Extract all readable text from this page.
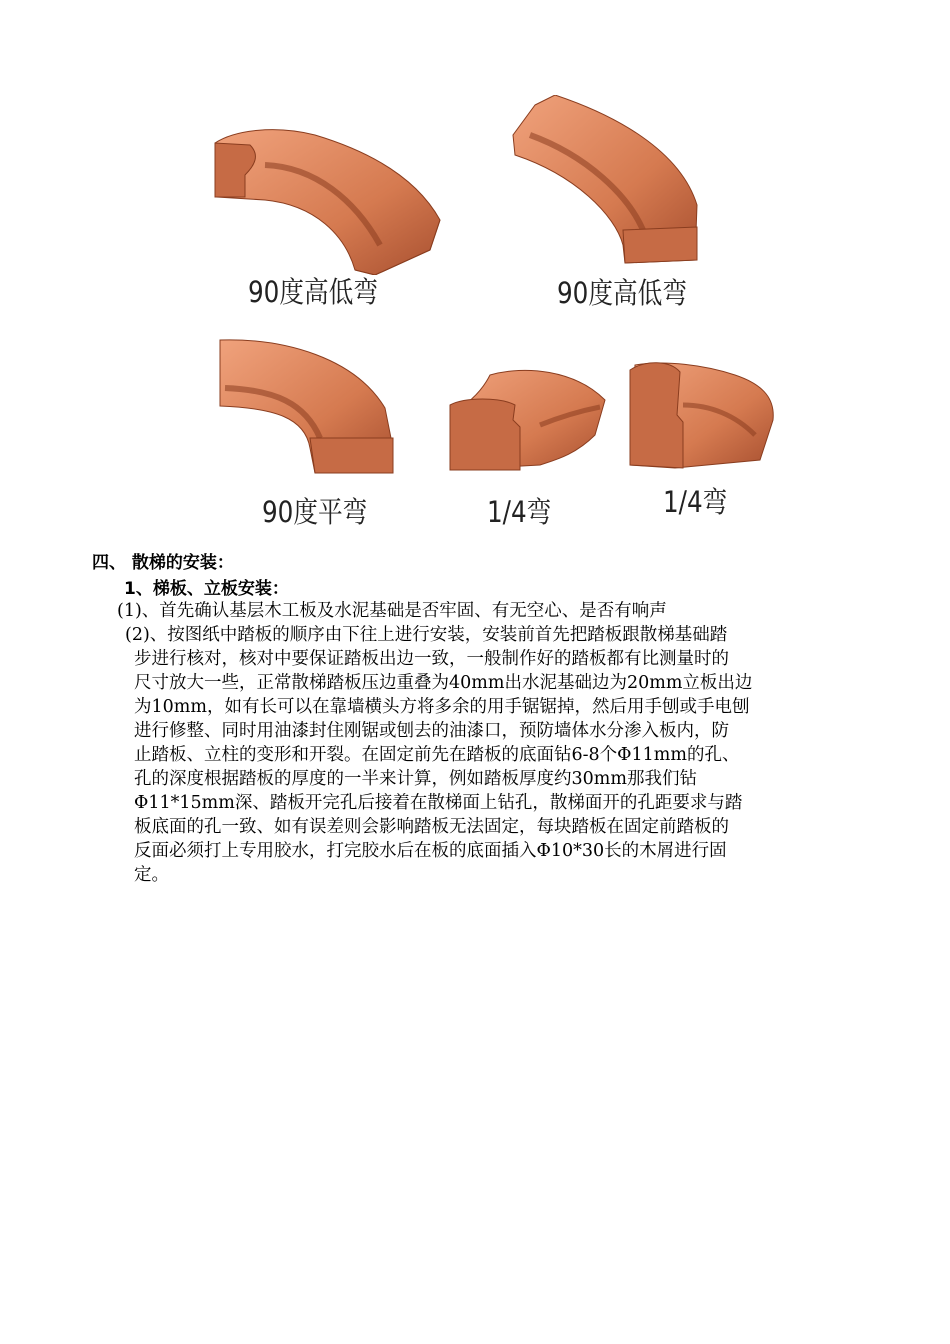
90度高低弯	90度高低弯
90度平弯	1/4弯	1/4弯
四、 散梯的安装：
1、梯板、立板安装：
(1)、首先确认基层木工板及水泥基础是否牢固、有无空心、是否有响声
(2)、按图纸中踏板的顺序由下往上进行安装，安装前首先把踏板跟散梯基础踏
步进行核对，核对中要保证踏板出边一致，一般制作好的踏板都有比测量时的
尺寸放大一些，正常散梯踏板压边重叠为40mm出水泥基础边为20mm立板出边
为10mm，如有长可以在靠墙横头方将多余的用手锯锯掉，然后用手刨或手电刨
进行修整、同时用油漆封住刚锯或刨去的油漆口，预防墙体水分渗入板内，防
止踏板、立柱的变形和开裂。在固定前先在踏板的底面钻6-8个Φ11mm的孔、
孔的深度根据踏板的厚度的一半来计算，例如踏板厚度约30mm那我们钻
Φ11*15mm深、踏板开完孔后接着在散梯面上钻孔，散梯面开的孔距要求与踏
板底面的孔一致、如有误差则会影响踏板无法固定，每块踏板在固定前踏板的
反面必须打上专用胶水，打完胶水后在板的底面插入Φ10*30长的木屑进行固
定。
